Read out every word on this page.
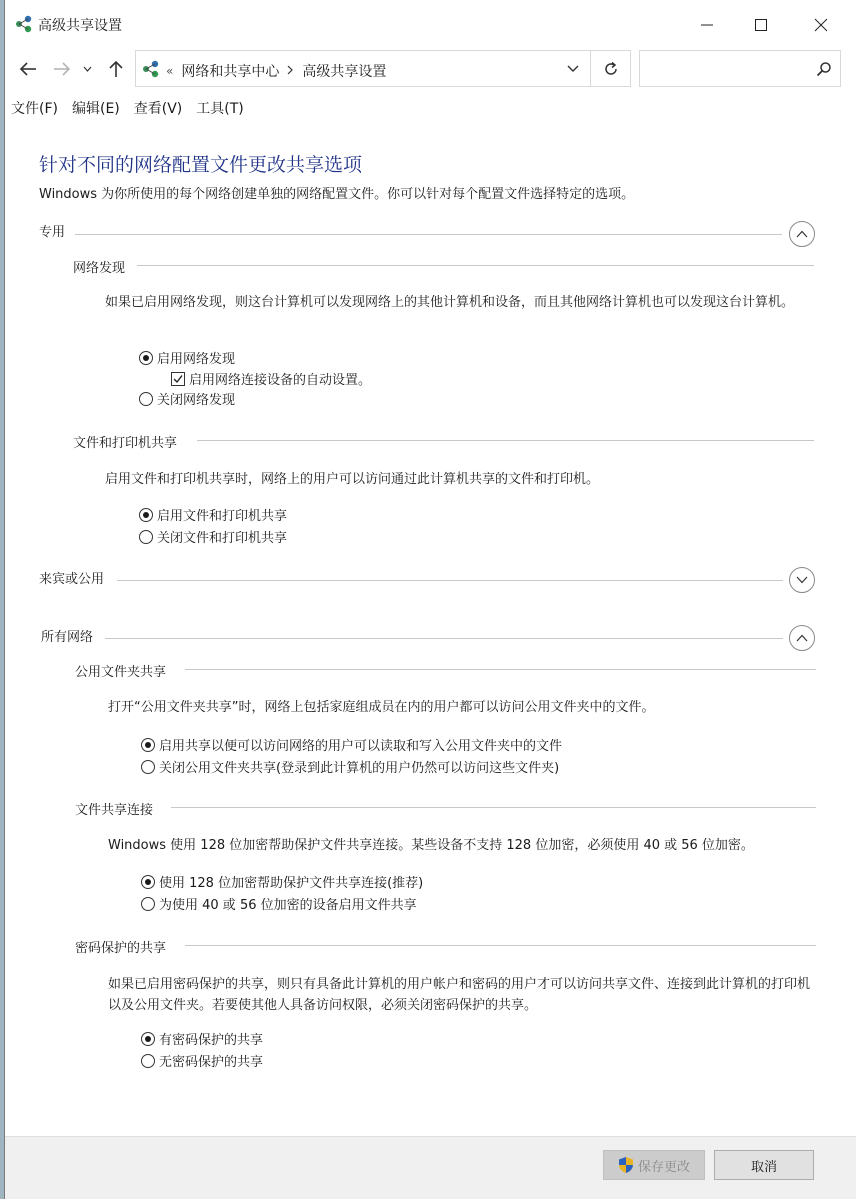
高级共享设置
« 网络和共享中心 高级共享设置
文件(F)	编辑(E)	查看(V)	工具(T)
针对不同的网络配置文件更改共享选项
Windows 为你所使用的每个网络创建单独的网络配置文件。你可以针对每个配置文件选择特定的选项。
专用
网络发现
如果已启用网络发现，则这台计算机可以发现网络上的其他计算机和设备，而且其他网络计算机也可以发现这台计算机。
启用网络发现
启用网络连接设备的自动设置。
关闭网络发现
文件和打印机共享
启用文件和打印机共享时，网络上的用户可以访问通过此计算机共享的文件和打印机。
启用文件和打印机共享
关闭文件和打印机共享
来宾或公用
所有网络
公用文件夹共享
打开“公用文件夹共享”时，网络上包括家庭组成员在内的用户都可以访问公用文件夹中的文件。
启用共享以便可以访问网络的用户可以读取和写入公用文件夹中的文件
关闭公用文件夹共享(登录到此计算机的用户仍然可以访问这些文件夹)
文件共享连接
Windows 使用 128 位加密帮助保护文件共享连接。某些设备不支持 128 位加密，必须使用 40 或 56 位加密。
使用 128 位加密帮助保护文件共享连接(推荐)
为使用 40 或 56 位加密的设备启用文件共享
密码保护的共享
如果已启用密码保护的共享，则只有具备此计算机的用户帐户和密码的用户才可以访问共享文件、连接到此计算机的打印机以及公用文件夹。若要使其他人具备访问权限，必须关闭密码保护的共享。
有密码保护的共享
无密码保护的共享
保存更改	取消
